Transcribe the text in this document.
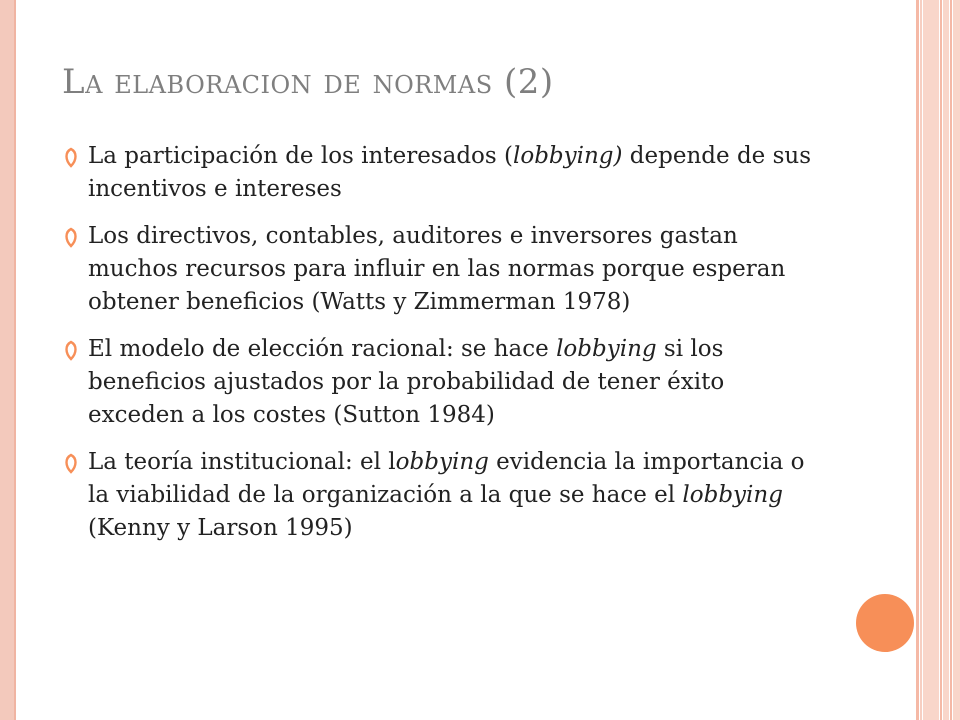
La elaboracion de normas (2)
La participación de los interesados (lobbying) depende de sus incentivos e intereses
Los directivos, contables, auditores e inversores gastan muchos recursos para influir en las normas porque esperan obtener beneficios (Watts y Zimmerman 1978)
El modelo de elección racional: se hace lobbying si los beneficios ajustados por la probabilidad de tener éxito exceden a los costes (Sutton 1984)
La teoría institucional: el lobbying evidencia la importancia o la viabilidad de la organización a la que se hace el lobbying (Kenny y Larson 1995)
